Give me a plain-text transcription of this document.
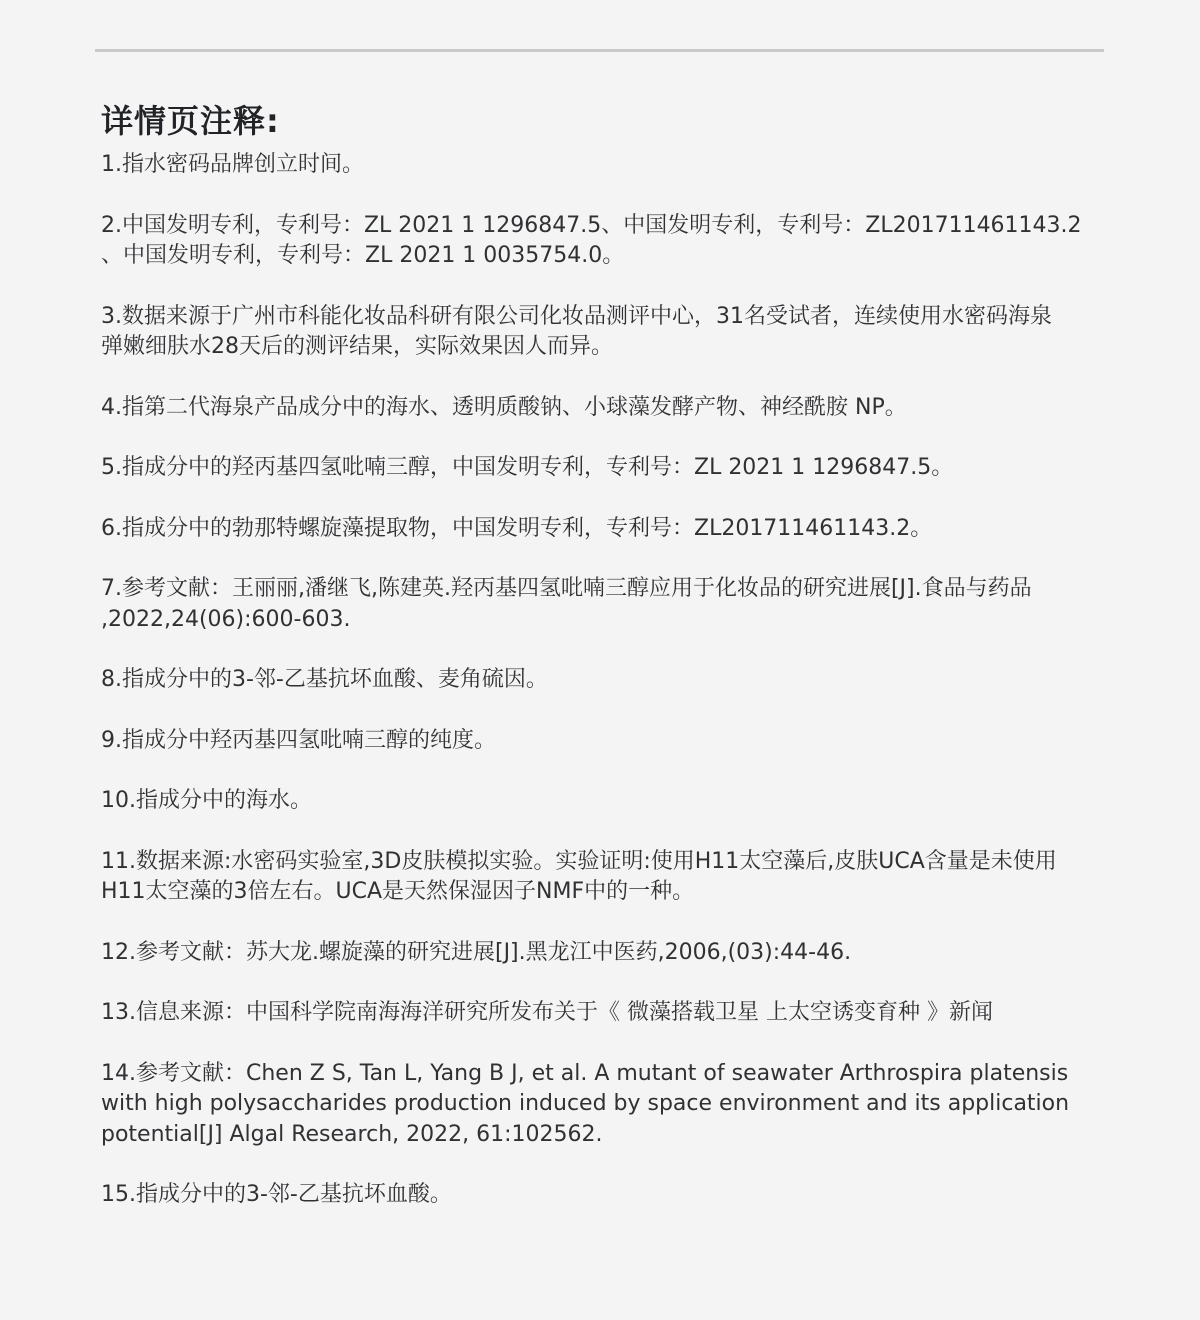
详情页注释:
1.指水密码品牌创立时间。
2.中国发明专利，专利号：ZL 2021 1 1296847.5、中国发明专利，专利号：ZL201711461143.2
、中国发明专利，专利号：ZL 2021 1 0035754.0。
3.数据来源于广州市科能化妆品科研有限公司化妆品测评中心，31名受试者，连续使用水密码海泉
弹嫩细肤水28天后的测评结果，实际效果因人而异。
4.指第二代海泉产品成分中的海水、透明质酸钠、小球藻发酵产物、神经酰胺 NP。
5.指成分中的羟丙基四氢吡喃三醇，中国发明专利，专利号：ZL 2021 1 1296847.5。
6.指成分中的勃那特螺旋藻提取物，中国发明专利，专利号：ZL201711461143.2。
7.参考文献：王丽丽,潘继飞,陈建英.羟丙基四氢吡喃三醇应用于化妆品的研究进展[J].食品与药品
,2022,24(06):600-603.
8.指成分中的3-邻-乙基抗坏血酸、麦角硫因。
9.指成分中羟丙基四氢吡喃三醇的纯度。
10.指成分中的海水。
11.数据来源:水密码实验室,3D皮肤模拟实验。实验证明:使用H11太空藻后,皮肤UCA含量是未使用
H11太空藻的3倍左右。UCA是天然保湿因子NMF中的一种。
12.参考文献：苏大龙.螺旋藻的研究进展[J].黑龙江中医药,2006,(03):44-46.
13.信息来源：中国科学院南海海洋研究所发布关于《 微藻搭载卫星 上太空诱变育种 》新闻
14.参考文献：Chen Z S, Tan L, Yang B J, et al. A mutant of seawater Arthrospira platensis
with high polysaccharides production induced by space environment and its application
potential[J] Algal Research, 2022, 61:102562.
15.指成分中的3-邻-乙基抗坏血酸。
